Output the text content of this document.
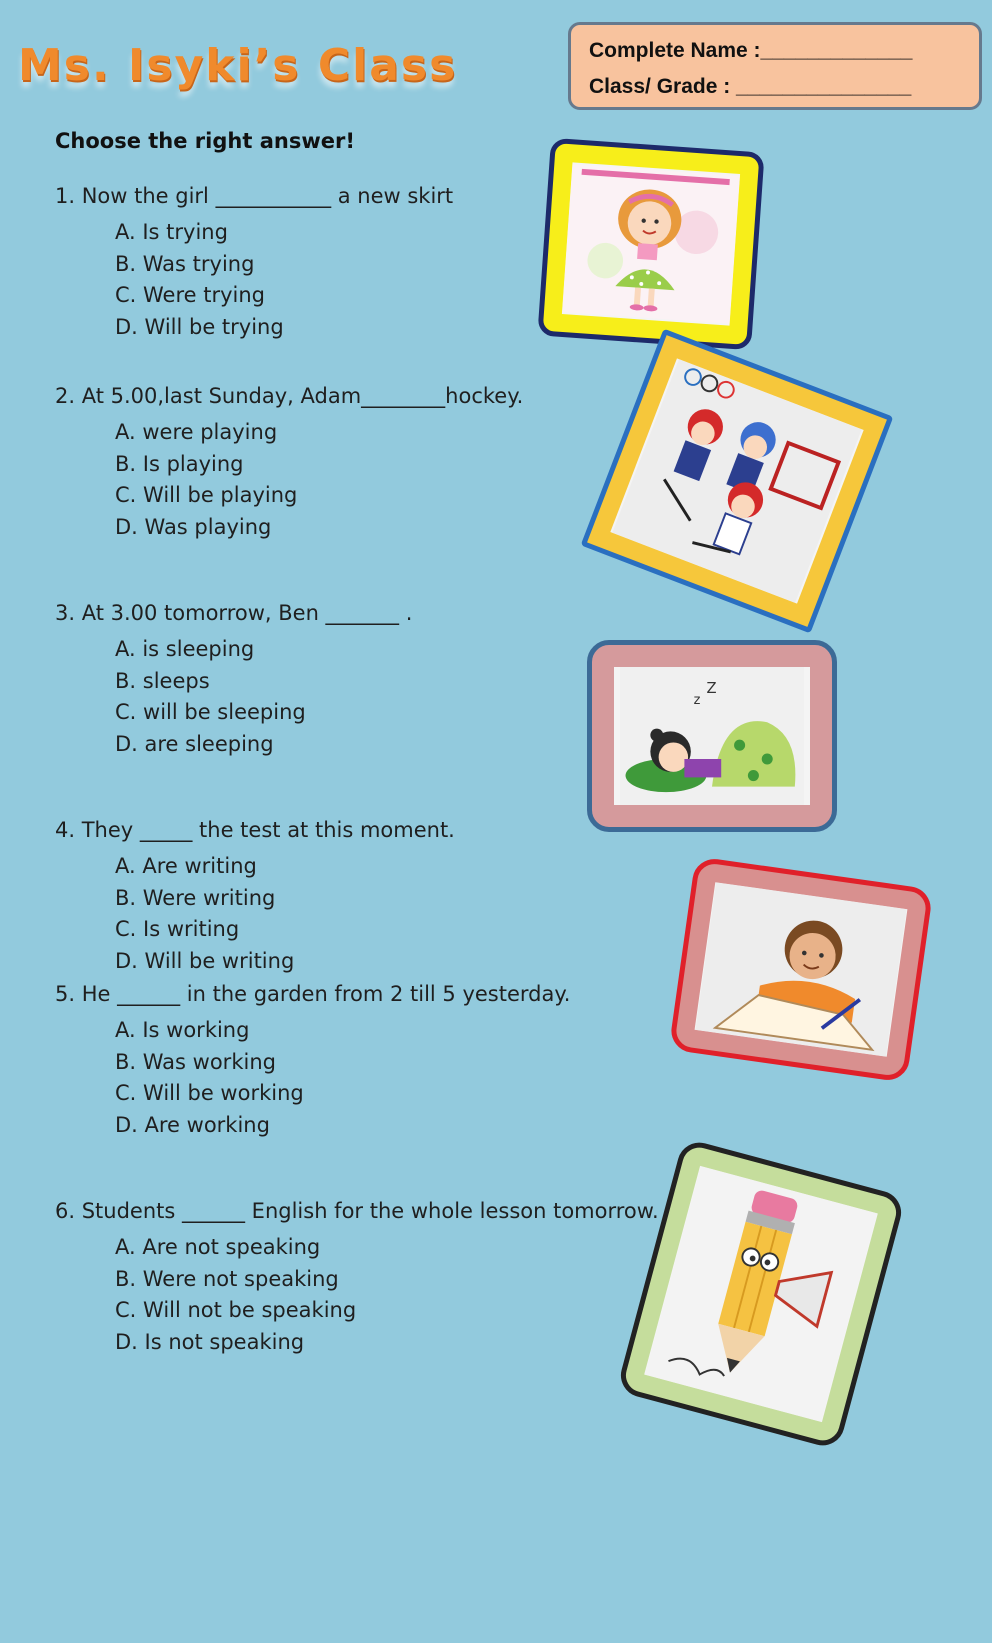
Ms. Isyki’s Class	Complete Name :_____________
Class/ Grade : _______________

Choose the right answer!

1. Now the girl ___________ a new skirt
A. Is trying
B. Was trying
C. Were trying
D. Will be trying
2. At 5.00,last Sunday, Adam________hockey.
A. were playing
B. Is playing
C. Will be playing
D. Was playing
3. At 3.00 tomorrow, Ben _______ .
A. is sleeping
B. sleeps
C. will be sleeping
D. are sleeping
4. They _____ the test at this moment.
A. Are writing
B. Were writing
C. Is writing
D. Will be writing
5. He ______ in the garden from 2 till 5 yesterday.
A. Is working
B. Was working
C. Will be working
D. Are working
6. Students ______ English for the whole lesson tomorrow.
A. Are not speaking
B. Were not speaking
C. Will not be speaking
D. Is not speaking
z
Z
